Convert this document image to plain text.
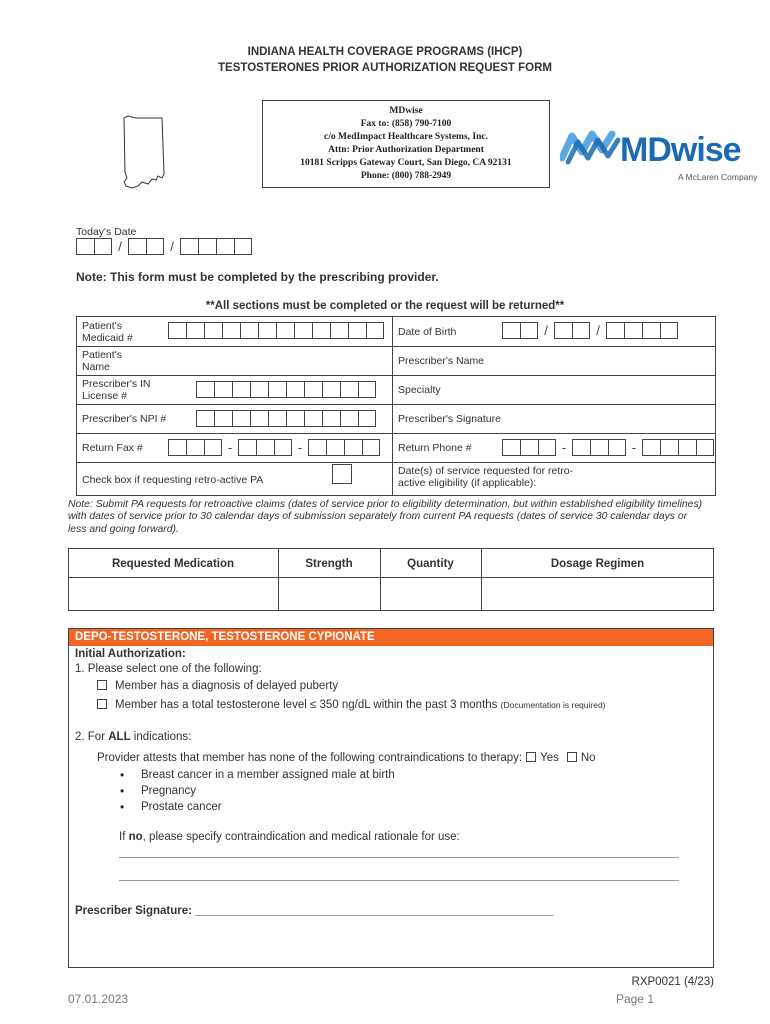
INDIANA HEALTH COVERAGE PROGRAMS (IHCP)
TESTOSTERONES PRIOR AUTHORIZATION REQUEST FORM
MDwise
Fax to: (858) 790-7100
c/o MedImpact Healthcare Systems, Inc.
Attn: Prior Authorization Department
10181 Scripps Gateway Court, San Diego, CA 92131
Phone: (800) 788-2949
MDwise
A McLaren Company
Today's Date
/	/
Note: This form must be completed by the prescribing provider.
**All sections must be completed or the request will be returned**
Patient's Medicaid #	Date of Birth	/	/
Patient's Name	Prescriber's Name
Prescriber's IN License #	Specialty
Prescriber's NPI #	Prescriber's Signature
Return Fax #	-	-	Return Phone #	-	-
Check box if requesting retro-active PA
Date(s) of service requested for retro-active eligibility (if applicable):
Note: Submit PA requests for retroactive claims (dates of service prior to eligibility determination, but within established eligibility timelines) with dates of service prior to 30 calendar days of submission separately from current PA requests (dates of service 30 calendar days or less and going forward).
Requested Medication	Strength	Quantity	Dosage Regimen
DEPO-TESTOSTERONE, TESTOSTERONE CYPIONATE
Initial Authorization:
1. Please select one of the following:
Member has a diagnosis of delayed puberty
Member has a total testosterone level ≤ 350 ng/dL within the past 3 months (Documentation is required)
2. For ALL indications:
Provider attests that member has none of the following contraindications to therapy: Yes No
• Breast cancer in a member assigned male at birth
• Pregnancy
• Prostate cancer
If no, please specify contraindication and medical rationale for use:
Prescriber Signature: ________________________________________________________
07.01.2023
RXP0021 (4/23)
Page 1
